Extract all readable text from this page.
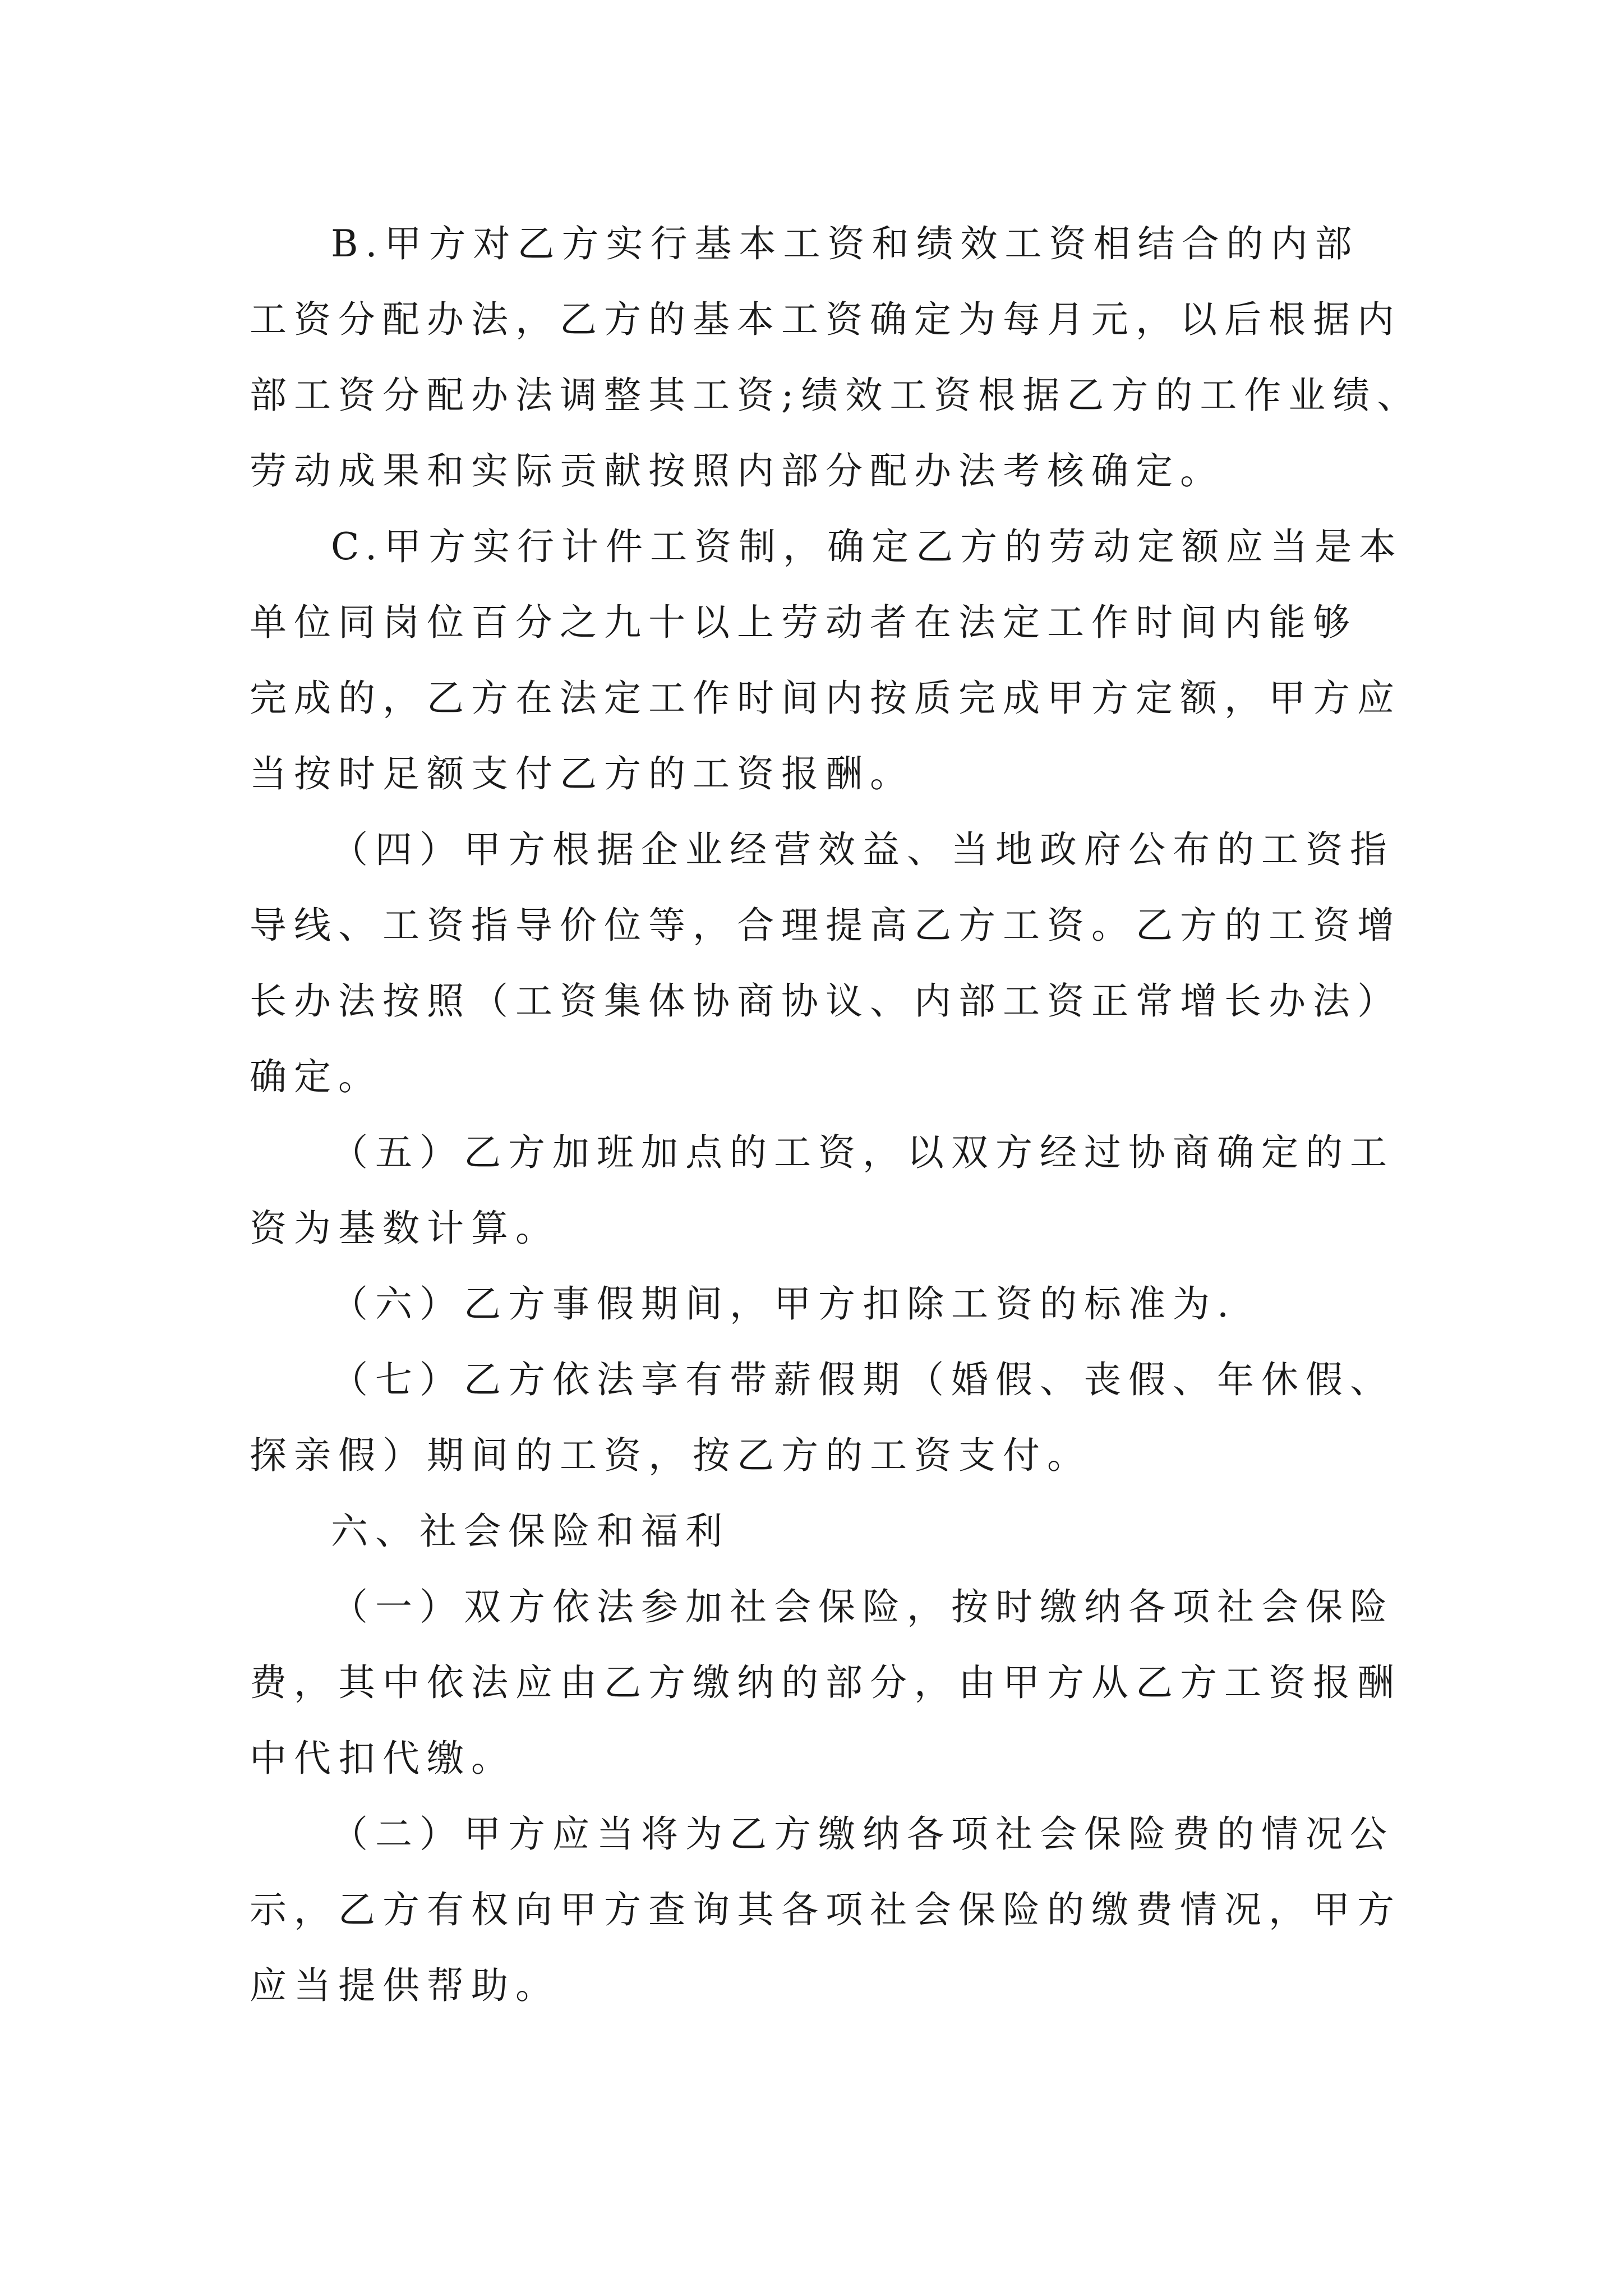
B.甲方对乙方实行基本工资和绩效工资相结合的内部

工资分配办法，乙方的基本工资确定为每月元，以后根据内

部工资分配办法调整其工资;绩效工资根据乙方的工作业绩、

劳动成果和实际贡献按照内部分配办法考核确定。

C.甲方实行计件工资制，确定乙方的劳动定额应当是本

单位同岗位百分之九十以上劳动者在法定工作时间内能够

完成的，乙方在法定工作时间内按质完成甲方定额，甲方应

当按时足额支付乙方的工资报酬。

（四）甲方根据企业经营效益、当地政府公布的工资指

导线、工资指导价位等，合理提高乙方工资。乙方的工资增

长办法按照（工资集体协商协议、内部工资正常增长办法）

确定。

（五）乙方加班加点的工资，以双方经过协商确定的工

资为基数计算。

（六）乙方事假期间，甲方扣除工资的标准为.

（七）乙方依法享有带薪假期（婚假、丧假、年休假、

探亲假）期间的工资，按乙方的工资支付。

六、社会保险和福利

（一）双方依法参加社会保险，按时缴纳各项社会保险

费，其中依法应由乙方缴纳的部分，由甲方从乙方工资报酬

中代扣代缴。

（二）甲方应当将为乙方缴纳各项社会保险费的情况公

示，乙方有权向甲方查询其各项社会保险的缴费情况，甲方

应当提供帮助。
